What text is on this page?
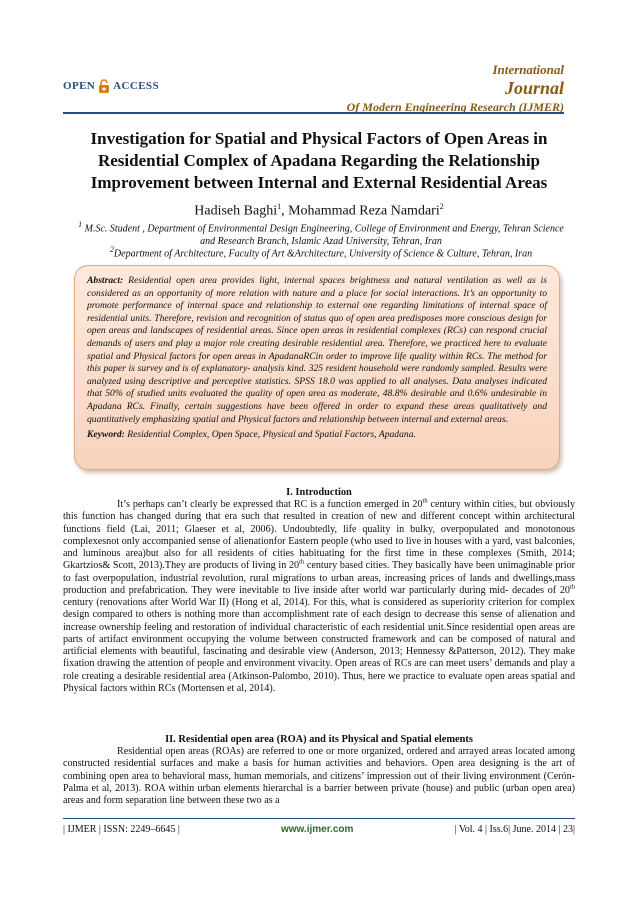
OPEN ACCESS
International
Journal
Of Modern Engineering Research (IJMER)
Investigation for Spatial and Physical Factors of Open Areas in Residential Complex of Apadana Regarding the Relationship Improvement between Internal and External Residential Areas
Hadiseh Baghi$^1$, Mohammad Reza Namdari$^2$
$^1$ M.Sc. Student , Department of Environmental Design Engineering, College of Environment and Energy, Tehran Science and Research Branch, Islamic Azad University, Tehran, Iran
$^2$Department of Architecture, Faculty of Art &Architecture, University of Science & Culture, Tehran, Iran

Abstract: Residential open area provides light, internal spaces brightness and natural ventilation as well as is considered as an opportunity of more relation with nature and a place for social interactions. It’s an opportunity to promote performance of internal space and relationship to external one regarding limitations of internal space of residential units. Therefore, revision and recognition of status quo of open area predisposes more conscious design for open areas and landscapes of residential areas. Since open areas in residential complexes (RCs) can respond crucial demands of users and play a major role creating desirable residential area. Therefore, we practiced here to evaluate spatial and Physical factors for open areas in ApadanaRCin order to improve life quality within RCs. The method for this paper is survey and is of explanatory- analysis kind. 325 resident household were randomly sampled. Results were analyzed using descriptive and perceptive statistics. SPSS 18.0 was applied to all analyses. Data analyses indicated that 50% of studied units evaluated the quality of open area as moderate, 48.8% desirable and 0.6% undesirable in Apadana RCs. Finally, certain suggestions have been offered in order to expand these areas qualitatively and quantitatively emphasizing spatial and Physical factors and relationship between internal and external areas.

Keyword: Residential Complex, Open Space, Physical and Spatial Factors, Apadana.

I. Introduction

It’s perhaps can’t clearly be expressed that RC is a function emerged in 20th century within cities, but obviously this function has changed during that era such that resulted in creation of new and different concept within architectural functions field (Lai, 2011; Glaeser et al, 2006). Undoubtedly, life quality in bulky, overpopulated and monotonous complexesnot only accompanied sense of alienationfor Eastern people (who used to live in houses with a yard, vast balconies, and luminous area)but also for all residents of cities habituating for the first time in these complexes (Smith, 2014; Gkartzios& Scott, 2013).They are products of living in 20th century based cities. They basically have been unimaginable prior to fast overpopulation, industrial revolution, rural migrations to urban areas, increasing prices of lands and dwellings,mass production and prefabrication. They were inevitable to live inside after world war particularly during mid- decades of 20th century (renovations after World War II) (Hong et al, 2014). For this, what is considered as superiority criterion for complex design compared to others is nothing more than accomplishment rate of each design to decrease this sense of alienation and increase ownership feeling and restoration of individual characteristic of each residential unit.Since residential open areas are parts of artifact environment occupying the volume between constructed framework and can be composed of natural and artificial elements with beautiful, fascinating and desirable view (Anderson, 2013; Hennessy &Patterson, 2012). They make fixation drawing the attention of people and environment vivacity. Open areas of RCs are can meet users’ demands and play a role creating a desirable residential area (Atkinson-Palombo, 2010). Thus, here we practice to evaluate open areas spatial and Physical factors within RCs (Mortensen et al, 2014).

II. Residential open area (ROA) and its Physical and Spatial elements

Residential open areas (ROAs) are referred to one or more organized, ordered and arrayed areas located among constructed residential surfaces and make a basis for human activities and behaviors. Open area designing is the art of combining open area to behavioral mass, human memorials, and citizens’ impression out of their living environment (Cerón-Palma et al, 2013). ROA within urban elements hierarchal is a barrier between private (house) and public (urban open area) areas and form separation line between these two as a

| IJMER | ISSN: 2249–6645 |	www.ijmer.com	| Vol. 4 | Iss.6| June. 2014 | 23|
